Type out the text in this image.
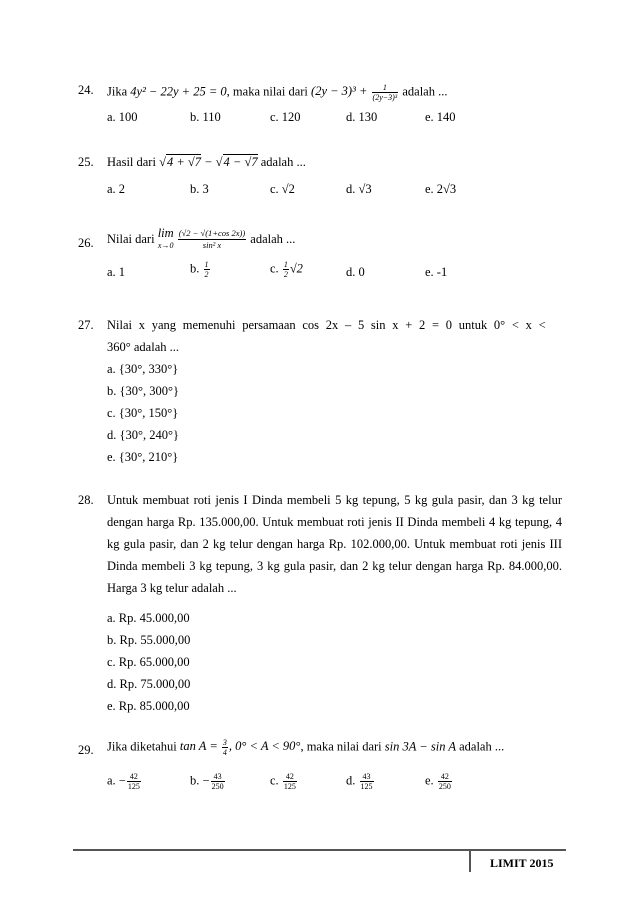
24. Jika 4y² − 22y + 25 = 0, maka nilai dari $(2y - 3)^3 + \frac{1}{\text{(2y−3)³}}$ adalah ...
a. 100	b. 110	c. 120	d. 130	e. 140
25. Hasil dari √4 + √7 − √4 − √7 adalah ...
a. 2	b. 3	c. √2	d. √3	e. 2√3
26. Nilai dari lim
$x\to 0 \frac{(√2 - √(1+\cos 2x))}{\text{sin² x}}$ adalah ...
a. 1	b. $\frac{1}{2}$	c. $\frac{1}{2} √2$	d. 0	e. -1
27. Nilai x yang memenuhi persamaan cos 2x – 5 sin x + 2 = 0 untuk 0° < x <
360° adalah ...
a. {30°, 330°}
b. {30°, 300°}
c. {30°, 150°}
d. {30°, 240°}
e. {30°, 210°}
28. Untuk membuat roti jenis I Dinda membeli 5 kg tepung, 5 kg gula pasir, dan 3 kg telur dengan harga Rp. 135.000,00. Untuk membuat roti jenis II Dinda membeli 4 kg tepung, 4 kg gula pasir, dan 2 kg telur dengan harga Rp. 102.000,00. Untuk membuat roti jenis III Dinda membeli 3 kg tepung, 3 kg gula pasir, dan 2 kg telur dengan harga Rp. 84.000,00. Harga 3 kg telur adalah ...
a. Rp. 45.000,00
b. Rp. 55.000,00
c. Rp. 65.000,00
d. Rp. 75.000,00
e. Rp. 85.000,00
29. Jika diketahui $\tan A = \frac{3}{4}$ , 0° < A < 90°, maka nilai dari sin 3A − sin A adalah ...
a. − $\frac{42}{125}$	b. − $\frac{43}{250}$	c. $\frac{42}{125}$	d. $\frac{43}{125}$	e. $\frac{42}{250}$
LIMIT 2015
